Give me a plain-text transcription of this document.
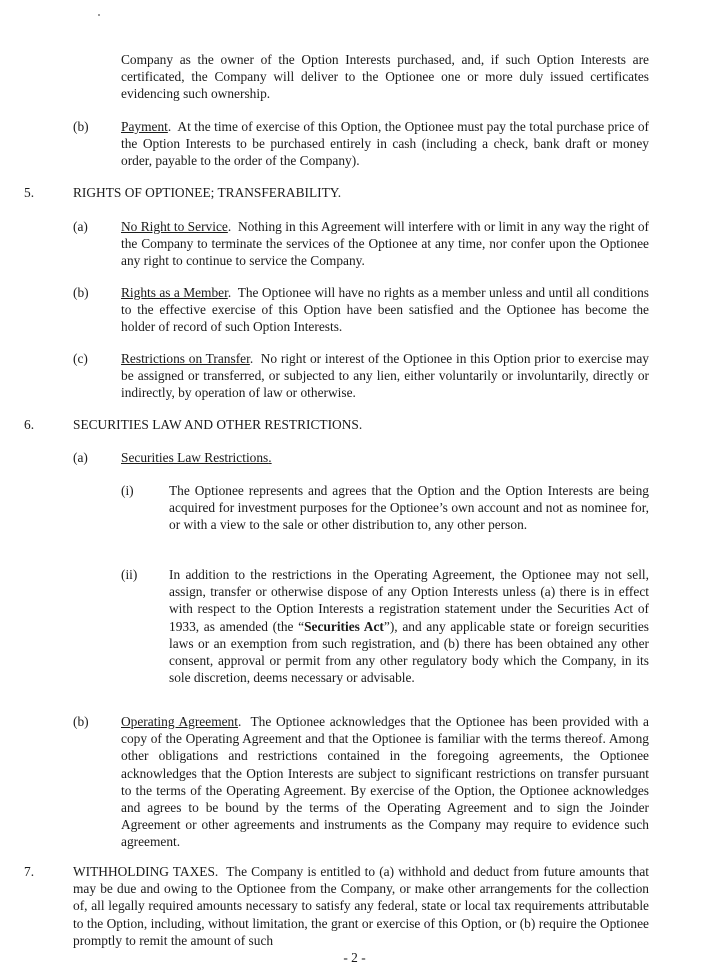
Company as the owner of the Option Interests purchased, and, if such Option Interests are certificated, the Company will deliver to the Optionee one or more duly issued certificates evidencing such ownership.

(b) Payment.  At the time of exercise of this Option, the Optionee must pay the total purchase price of the Option Interests to be purchased entirely in cash (including a check, bank draft or money order, payable to the order of the Company).

5.	RIGHTS OF OPTIONEE; TRANSFERABILITY.
(a) No Right to Service.  Nothing in this Agreement will interfere with or limit in any way the right of the Company to terminate the services of the Optionee at any time, nor confer upon the Optionee any right to continue to service the Company.

(b) Rights as a Member.  The Optionee will have no rights as a member unless and until all conditions to the effective exercise of this Option have been satisfied and the Optionee has become the holder of record of such Option Interests.

(c) Restrictions on Transfer.  No right or interest of the Optionee in this Option prior to exercise may be assigned or transferred, or subjected to any lien, either voluntarily or involuntarily, directly or indirectly, by operation of law or otherwise.

6.	SECURITIES LAW AND OTHER RESTRICTIONS.
(a) Securities Law Restrictions.
(i)	The Optionee represents and agrees that the Option and the Option Interests are being acquired for investment purposes for the Optionee’s own account and not as nominee for, or with a view to the sale or other distribution to, any other person.

(ii) In addition to the restrictions in the Operating Agreement, the Optionee may not sell, assign, transfer or otherwise dispose of any Option Interests unless (a) there is in effect with respect to the Option Interests a registration statement under the Securities Act of 1933, as amended (the “Securities Act”), and any applicable state or foreign securities laws or an exemption from such registration, and (b) there has been obtained any other consent, approval or permit from any other regulatory body which the Company, in its sole discretion, deems necessary or advisable.

(b) Operating Agreement.  The Optionee acknowledges that the Optionee has been provided with a copy of the Operating Agreement and that the Optionee is familiar with the terms thereof. Among other obligations and restrictions contained in the foregoing agreements, the Optionee acknowledges that the Option Interests are subject to significant restrictions on transfer pursuant to the terms of the Operating Agreement. By exercise of the Option, the Optionee acknowledges and agrees to be bound by the terms of the Operating Agreement and to sign the Joinder Agreement or other agreements and instruments as the Company may require to evidence such agreement.

7.	WITHHOLDING TAXES. The Company is entitled to (a) withhold and deduct from future amounts that may be due and owing to the Optionee from the Company, or make other arrangements for the collection of, all legally required amounts necessary to satisfy any federal, state or local tax requirements attributable to the Option, including, without limitation, the grant or exercise of this Option, or (b) require the Optionee promptly to remit the amount of such

- 2 -
